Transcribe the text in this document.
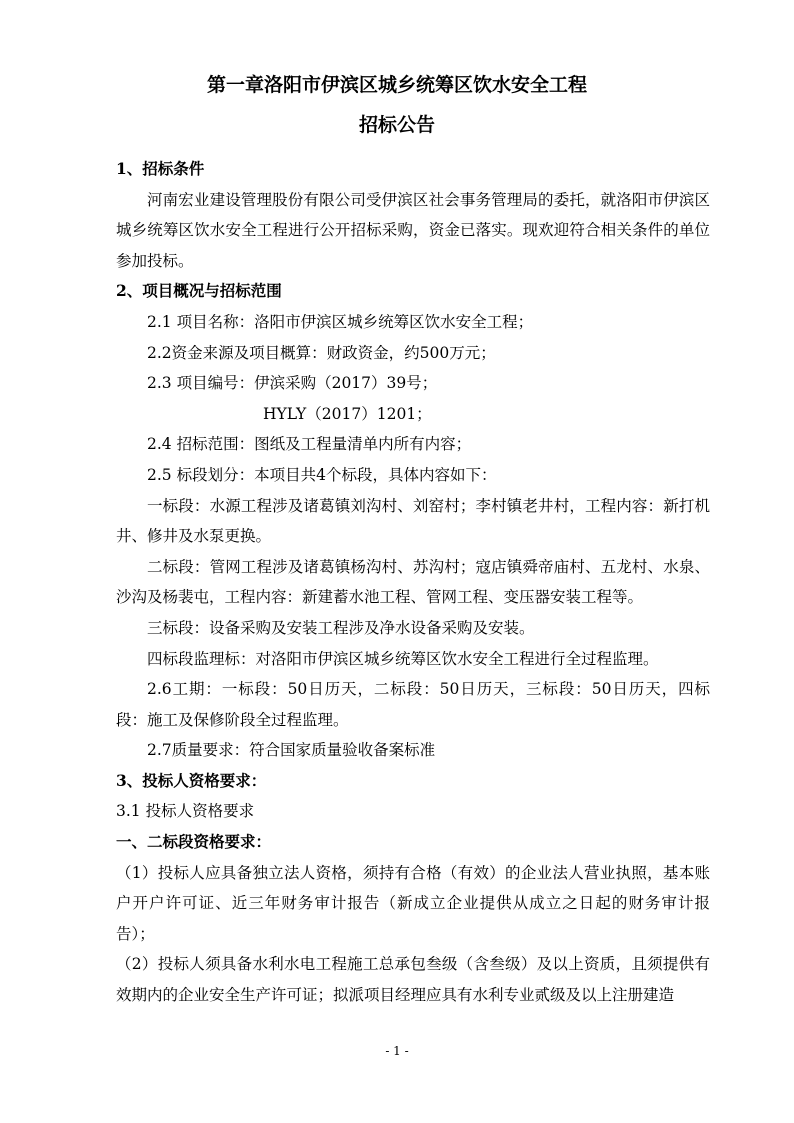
第一章洛阳市伊滨区城乡统筹区饮水安全工程
招标公告

1、招标条件

河南宏业建设管理股份有限公司受伊滨区社会事务管理局的委托，就洛阳市伊滨区城乡统筹区饮水安全工程进行公开招标采购，资金已落实。现欢迎符合相关条件的单位参加投标。

2、项目概况与招标范围

2.1 项目名称：洛阳市伊滨区城乡统筹区饮水安全工程；

2.2资金来源及项目概算：财政资金，约500万元；

2.3 项目编号：伊滨采购（2017）39号；

HYLY（2017）1201；

2.4 招标范围：图纸及工程量清单内所有内容；

2.5 标段划分：本项目共4个标段，具体内容如下：

一标段：水源工程涉及诸葛镇刘沟村、刘窑村；李村镇老井村，工程内容：新打机井、修井及水泵更换。

二标段：管网工程涉及诸葛镇杨沟村、苏沟村；寇店镇舜帝庙村、五龙村、水泉、沙沟及杨裴屯，工程内容：新建蓄水池工程、管网工程、变压器安装工程等。

三标段：设备采购及安装工程涉及净水设备采购及安装。

四标段监理标：对洛阳市伊滨区城乡统筹区饮水安全工程进行全过程监理。

2.6工期：一标段：50日历天，二标段：50日历天，三标段：50日历天，四标段：施工及保修阶段全过程监理。

2.7质量要求：符合国家质量验收备案标准

3、投标人资格要求：

3.1 投标人资格要求

一、二标段资格要求：

（1）投标人应具备独立法人资格，须持有合格（有效）的企业法人营业执照，基本账户开户许可证、近三年财务审计报告（新成立企业提供从成立之日起的财务审计报告）；

（2）投标人须具备水利水电工程施工总承包叁级（含叁级）及以上资质，且须提供有效期内的企业安全生产许可证；拟派项目经理应具有水利专业贰级及以上注册建造

- 1 -
